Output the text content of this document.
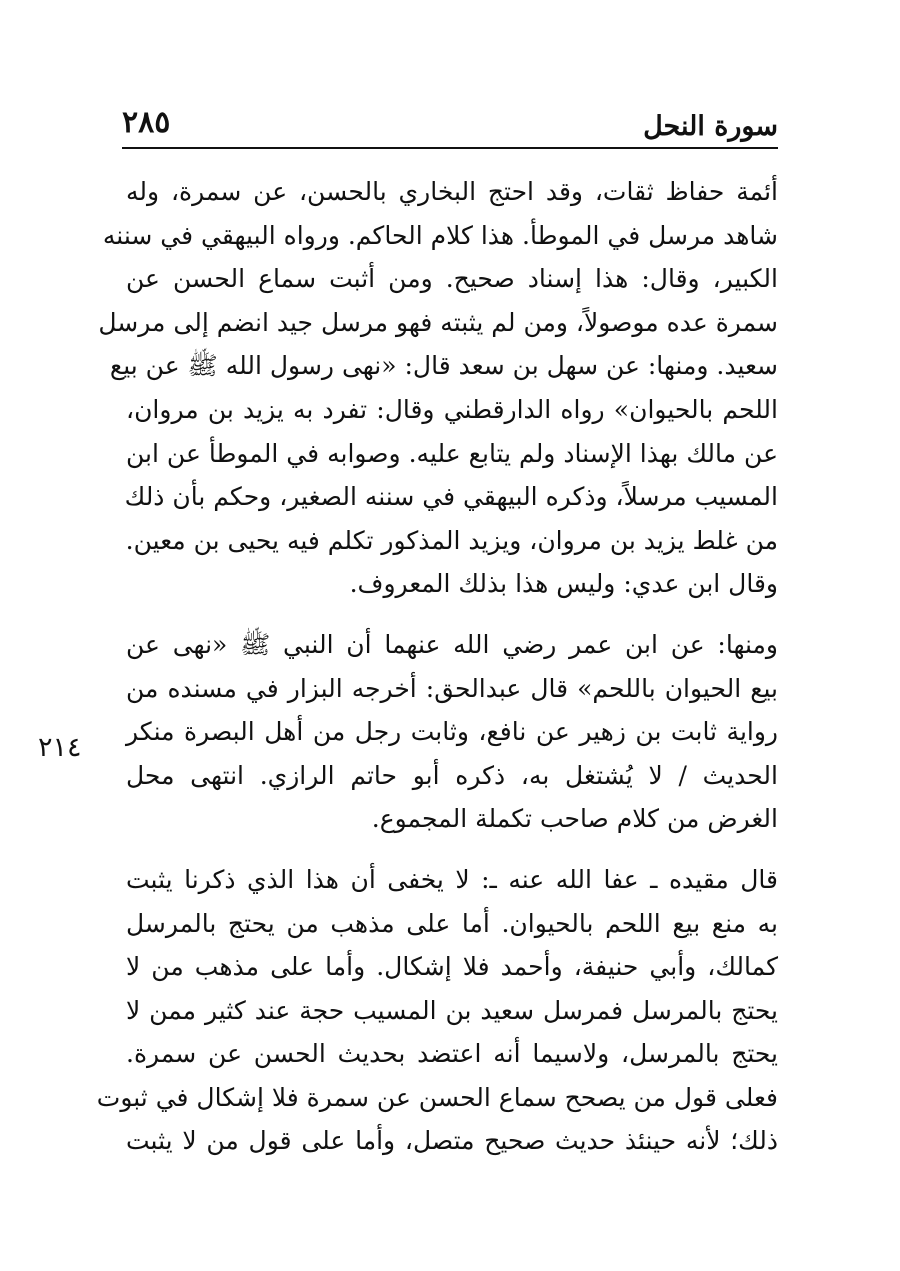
٢٨٥	سورة النحل
٢١٤
أئمة حفاظ ثقات، وقد احتج البخاري بالحسن، عن سمرة، وله
شاهد مرسل في الموطأ. هذا كلام الحاكم. ورواه البيهقي في سننه
الكبير، وقال: هذا إسناد صحيح. ومن أثبت سماع الحسن عن
سمرة عده موصولاً، ومن لم يثبته فهو مرسل جيد انضم إلى مرسل
سعيد. ومنها: عن سهل بن سعد قال: «نهى رسول الله ﷺ عن بيع
اللحم بالحيوان» رواه الدارقطني وقال: تفرد به يزيد بن مروان،
عن مالك بهذا الإسناد ولم يتابع عليه. وصوابه في الموطأ عن ابن
المسيب مرسلاً، وذكره البيهقي في سننه الصغير، وحكم بأن ذلك
من غلط يزيد بن مروان، ويزيد المذكور تكلم فيه يحيى بن معين.
وقال ابن عدي: وليس هذا بذلك المعروف.
ومنها: عن ابن عمر رضي الله عنهما أن النبي ﷺ «نهى عن
بيع الحيوان باللحم» قال عبدالحق: أخرجه البزار في مسنده من
رواية ثابت بن زهير عن نافع، وثابت رجل من أهل البصرة منكر
الحديث / لا يُشتغل به، ذكره أبو حاتم الرازي. انتهى محل
الغرض من كلام صاحب تكملة المجموع.
قال مقيده ـ عفا الله عنه ـ: لا يخفى أن هذا الذي ذكرنا يثبت
به منع بيع اللحم بالحيوان. أما على مذهب من يحتج بالمرسل
كمالك، وأبي حنيفة، وأحمد فلا إشكال. وأما على مذهب من لا
يحتج بالمرسل فمرسل سعيد بن المسيب حجة عند كثير ممن لا
يحتج بالمرسل، ولاسيما أنه اعتضد بحديث الحسن عن سمرة.
فعلى قول من يصحح سماع الحسن عن سمرة فلا إشكال في ثبوت
ذلك؛ لأنه حينئذ حديث صحيح متصل، وأما على قول من لا يثبت
